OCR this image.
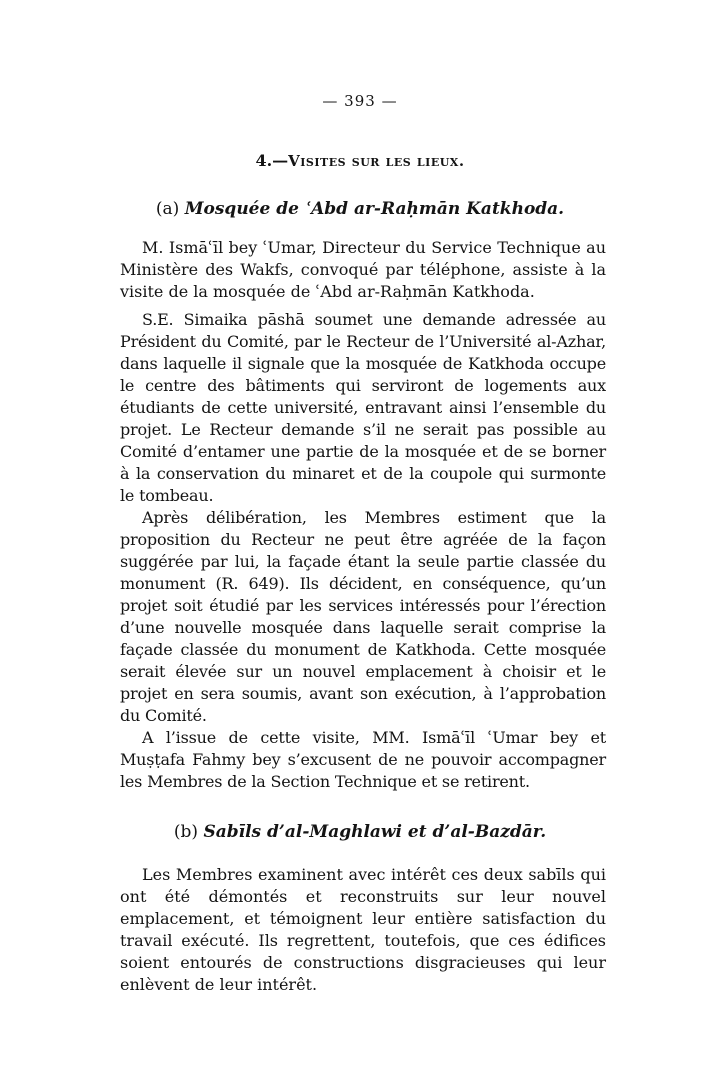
— 393 —
4.—Visites sur les lieux.
(a) Mosquée de ʿAbd ar-Raḥmān Katkhoda.

M. Ismāʿīl bey ʿUmar, Directeur du Service Technique au Ministère des Wakfs, convoqué par téléphone, assiste à la visite de la mosquée de ʿAbd ar-Raḥmān Katkhoda.

S.E. Simaika pāshā soumet une demande adressée au Président du Comité, par le Recteur de l’Université al-Azhar, dans laquelle il signale que la mosquée de Katkhoda occupe le centre des bâtiments qui serviront de logements aux étudiants de cette université, entravant ainsi l’ensemble du projet. Le Recteur demande s’il ne serait pas possible au Comité d’entamer une partie de la mosquée et de se borner à la conservation du minaret et de la coupole qui surmonte le tombeau.

Après délibération, les Membres estiment que la proposition du Recteur ne peut être agréée de la façon suggérée par lui, la façade étant la seule partie classée du monument (R. 649). Ils décident, en conséquence, qu’un projet soit étudié par les services intéressés pour l’érection d’une nouvelle mosquée dans laquelle serait comprise la façade classée du monument de Katkhoda. Cette mosquée serait élevée sur un nouvel emplacement à choisir et le projet en sera soumis, avant son exécution, à l’approbation du Comité.

A l’issue de cette visite, MM. Ismāʿīl ʿUmar bey et Muṣṭafa Fahmy bey s’excusent de ne pouvoir accompagner les Membres de la Section Technique et se retirent.

(b) Sabīls d’al-Maghlawi et d’al-Bazdār.

Les Membres examinent avec intérêt ces deux sabīls qui ont été démontés et reconstruits sur leur nouvel emplacement, et témoignent leur entière satisfaction du travail exécuté. Ils regrettent, toutefois, que ces édifices soient entourés de constructions disgracieuses qui leur enlèvent de leur intérêt.
